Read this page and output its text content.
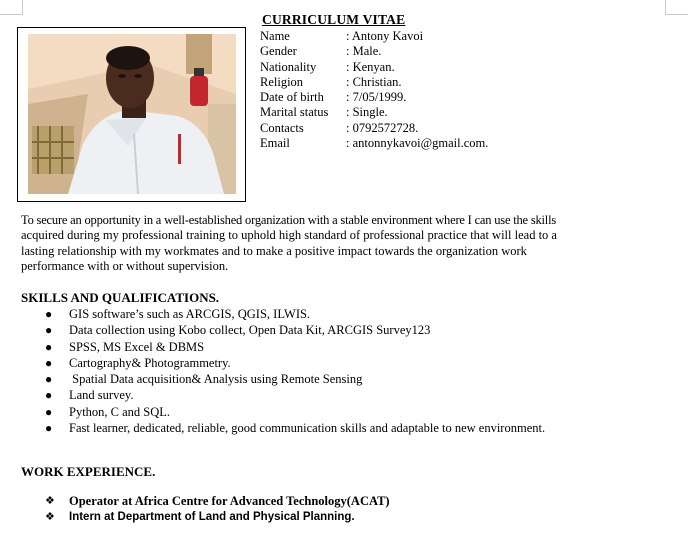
CURRICULUM VITAE
Name	: Antony Kavoi
Gender	: Male.
Nationality : Kenyan.
Religion	: Christian.
Date of birth : 7/05/1999.
Marital status : Single.
Contacts	: 0792572728.
Email	: antonnykavoi@gmail.com.
To secure an opportunity in a well-established organization with a stable environment where I can use the skills
acquired during my professional training to uphold high standard of professional practice that will lead to a
lasting relationship with my workmates and to make a positive impact towards the organization work
performance with or without supervision.
SKILLS AND QUALIFICATIONS.
● GIS software’s such as ARCGIS, QGIS, ILWIS.
● Data collection using Kobo collect, Open Data Kit, ARCGIS Survey123
● SPSS, MS Excel & DBMS
● Cartography& Photogrammetry.
● Spatial Data acquisition& Analysis using Remote Sensing
● Land survey.
● Python, C and SQL.
● Fast learner, dedicated, reliable, good communication skills and adaptable to new environment.
WORK EXPERIENCE.
❖ Operator at Africa Centre for Advanced Technology(ACAT)
❖ Intern at Department of Land and Physical Planning.
